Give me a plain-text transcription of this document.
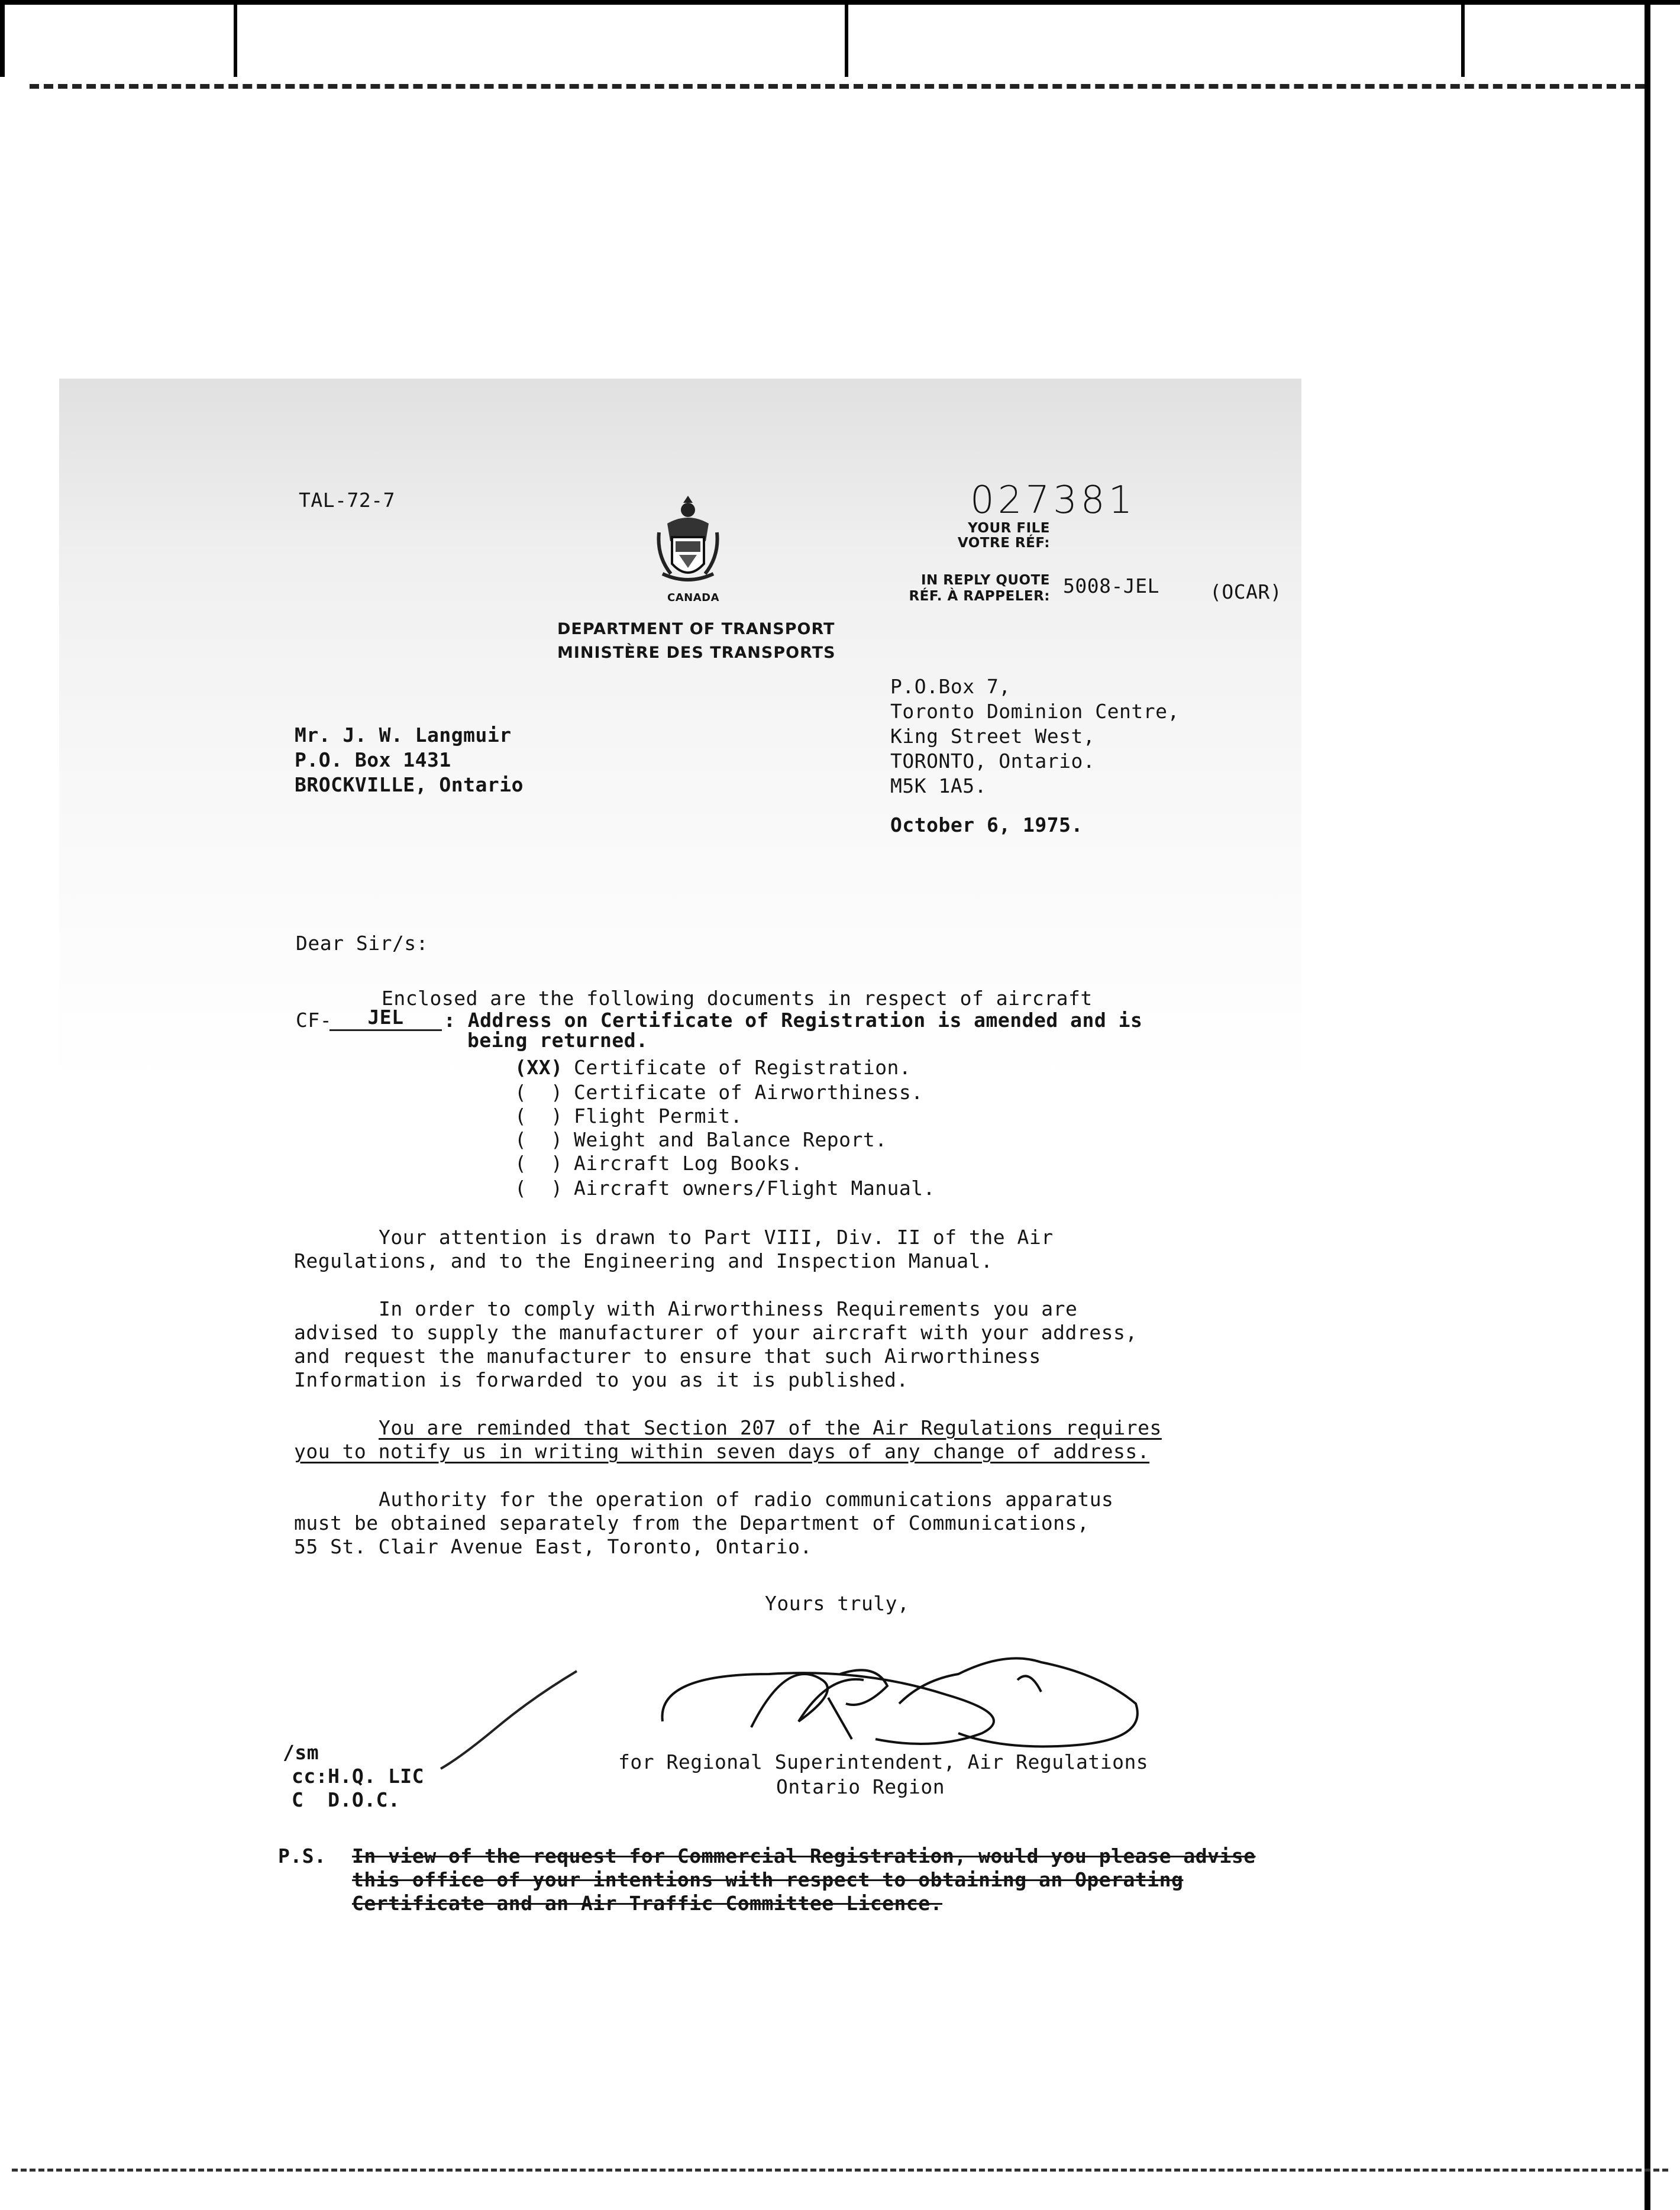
TAL-72-7
CANADA
DEPARTMENT OF TRANSPORT
MINISTÈRE DES TRANSPORTS
027381
YOUR FILE
VOTRE RÉF:
IN REPLY QUOTE
RÉF. À RAPPELER: 5008-JEL	(OCAR)
P.O.Box 7,
Toronto Dominion Centre,
King Street West,
TORONTO, Ontario.
M5K 1A5.
October 6, 1975.
Mr. J. W. Langmuir
P.O. Box 1431
BROCKVILLE, Ontario
Dear Sir/s:
Enclosed are the following documents in respect of aircraft
CF-	JEL	: Address on Certificate of Registration is amended and is
being returned.
(XX) Certificate of Registration.
(  ) Certificate of Airworthiness.
(  ) Flight Permit.
(  ) Weight and Balance Report.
(  ) Aircraft Log Books.
(  ) Aircraft owners/Flight Manual.
Your attention is drawn to Part VIII, Div. II of the Air
Regulations, and to the Engineering and Inspection Manual.
In order to comply with Airworthiness Requirements you are
advised to supply the manufacturer of your aircraft with your address,
and request the manufacturer to ensure that such Airworthiness
Information is forwarded to you as it is published.
You are reminded that Section 207 of the Air Regulations requires
you to notify us in writing within seven days of any change of address.
Authority for the operation of radio communications apparatus
must be obtained separately from the Department of Communications,
55 St. Clair Avenue East, Toronto, Ontario.
Yours truly,
for Regional Superintendent, Air Regulations
Ontario Region
/sm
cc:H.Q. LIC
C  D.O.C.
P.S. In view of the request for Commercial Registration, would you please advise
this office of your intentions with respect to obtaining an Operating
Certificate and an Air Traffic Committee Licence.
